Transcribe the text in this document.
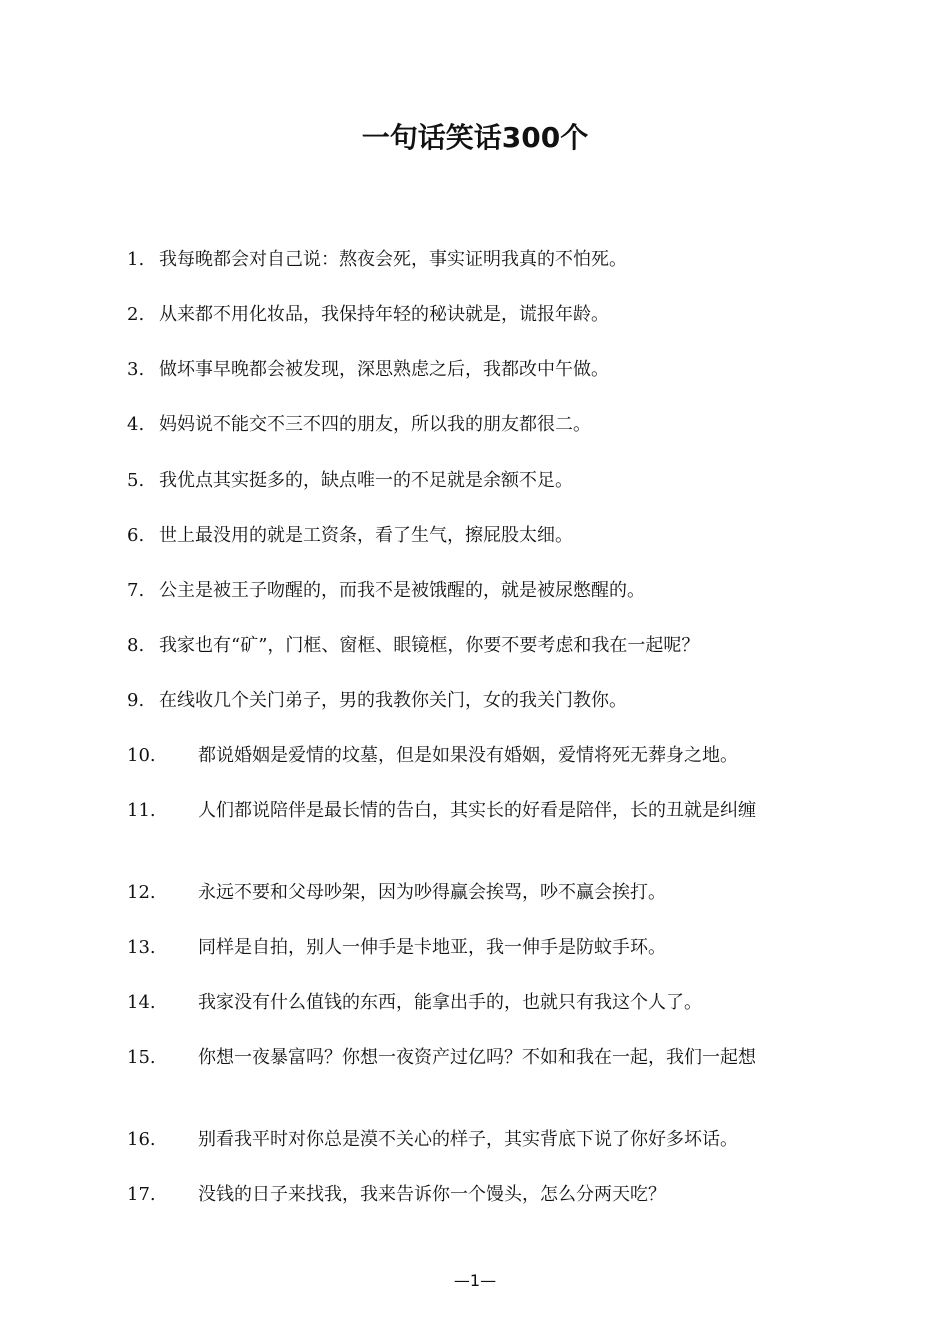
一句话笑话300个
1. 我每晚都会对自己说：熬夜会死，事实证明我真的不怕死。
2. 从来都不用化妆品，我保持年轻的秘诀就是，谎报年龄。
3. 做坏事早晚都会被发现，深思熟虑之后，我都改中午做。
4. 妈妈说不能交不三不四的朋友，所以我的朋友都很二。
5. 我优点其实挺多的，缺点唯一的不足就是余额不足。
6. 世上最没用的就是工资条，看了生气，擦屁股太细。
7. 公主是被王子吻醒的，而我不是被饿醒的，就是被尿憋醒的。
8. 我家也有“矿”，门框、窗框、眼镜框，你要不要考虑和我在一起呢？
9. 在线收几个关门弟子，男的我教你关门，女的我关门教你。
10.	都说婚姻是爱情的坟墓，但是如果没有婚姻，爱情将死无葬身之地。
11.	人们都说陪伴是最长情的告白，其实长的好看是陪伴，长的丑就是纠缠
12.	永远不要和父母吵架，因为吵得赢会挨骂，吵不赢会挨打。
13.	同样是自拍，别人一伸手是卡地亚，我一伸手是防蚊手环。
14.	我家没有什么值钱的东西，能拿出手的，也就只有我这个人了。
15.	你想一夜暴富吗？你想一夜资产过亿吗？不如和我在一起，我们一起想
16.	别看我平时对你总是漠不关心的样子，其实背底下说了你好多坏话。
17.	没钱的日子来找我，我来告诉你一个馒头，怎么分两天吃？
—1—
